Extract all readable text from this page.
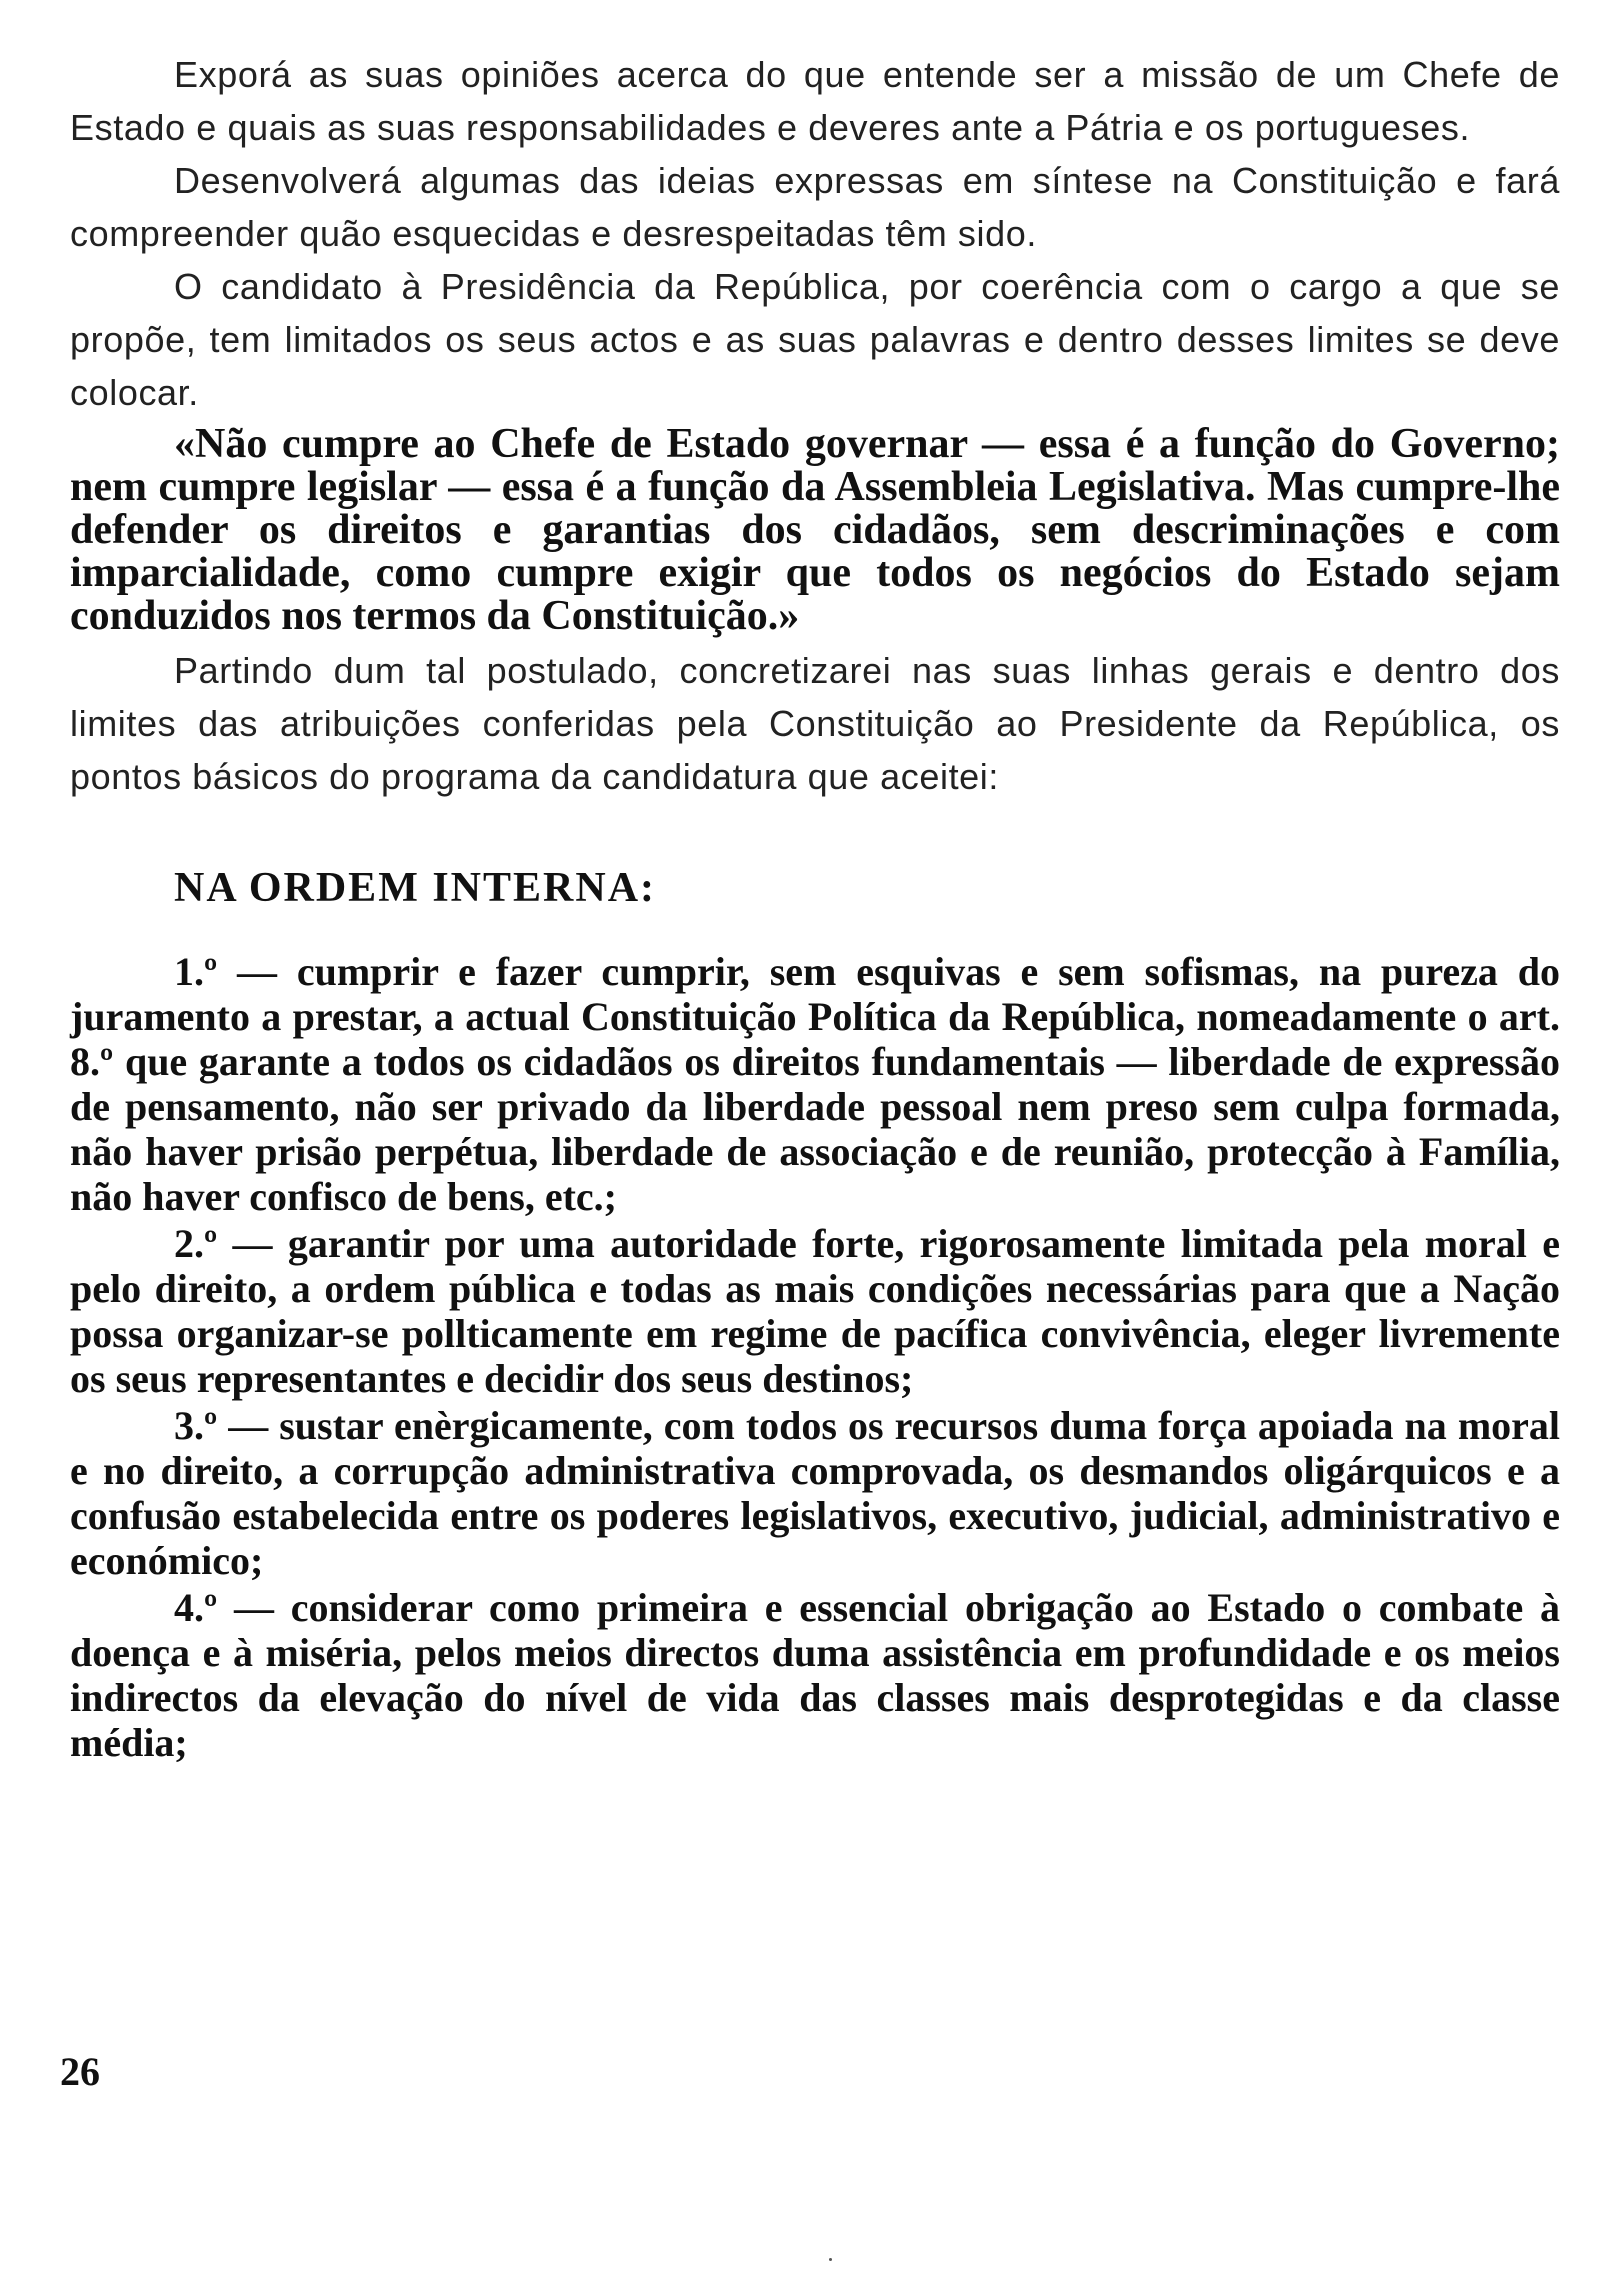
Exporá as suas opiniões acerca do que entende ser a missão de um Chefe de Estado e quais as suas responsabilidades e deveres ante a Pátria e os portugueses.

Desenvolverá algumas das ideias expressas em síntese na Constituição e fará compreender quão esquecidas e desrespeitadas têm sido.

O candidato à Presidência da República, por coerência com o cargo a que se propõe, tem limitados os seus actos e as suas palavras e dentro desses limites se deve colocar.

«Não cumpre ao Chefe de Estado governar — essa é a função do Governo; nem cumpre legislar — essa é a função da Assembleia Legislativa. Mas cumpre-lhe defender os direitos e garantias dos cidadãos, sem descriminações e com imparcialidade, como cumpre exigir que todos os negócios do Estado sejam conduzidos nos termos da Constituição.»

Partindo dum tal postulado, concretizarei nas suas linhas gerais e dentro dos limites das atribuições conferidas pela Constituição ao Presidente da República, os pontos básicos do programa da candidatura que aceitei:

NA ORDEM INTERNA:

1.º — cumprir e fazer cumprir, sem esquivas e sem sofismas, na pureza do juramento a prestar, a actual Constituição Política da República, nomeadamente o art. 8.º que garante a todos os cidadãos os direitos fundamentais — liberdade de expressão de pensamento, não ser privado da liberdade pessoal nem preso sem culpa formada, não haver prisão perpétua, liberdade de associação e de reunião, protecção à Família, não haver confisco de bens, etc.;

2.º — garantir por uma autoridade forte, rigorosamente limitada pela moral e pelo direito, a ordem pública e todas as mais condições necessárias para que a Nação possa organizar-se pollticamente em regime de pacífica convivência, eleger livremente os seus representantes e decidir dos seus destinos;

3.º — sustar enèrgicamente, com todos os recursos duma força apoiada na moral e no direito, a corrupção administrativa comprovada, os desmandos oligárquicos e a confusão estabelecida entre os poderes legislativos, executivo, judicial, administrativo e económico;

4.º — considerar como primeira e essencial obrigação ao Estado o combate à doença e à miséria, pelos meios directos duma assistência em profundidade e os meios indirectos da elevação do nível de vida das classes mais desprotegidas e da classe média;

26
